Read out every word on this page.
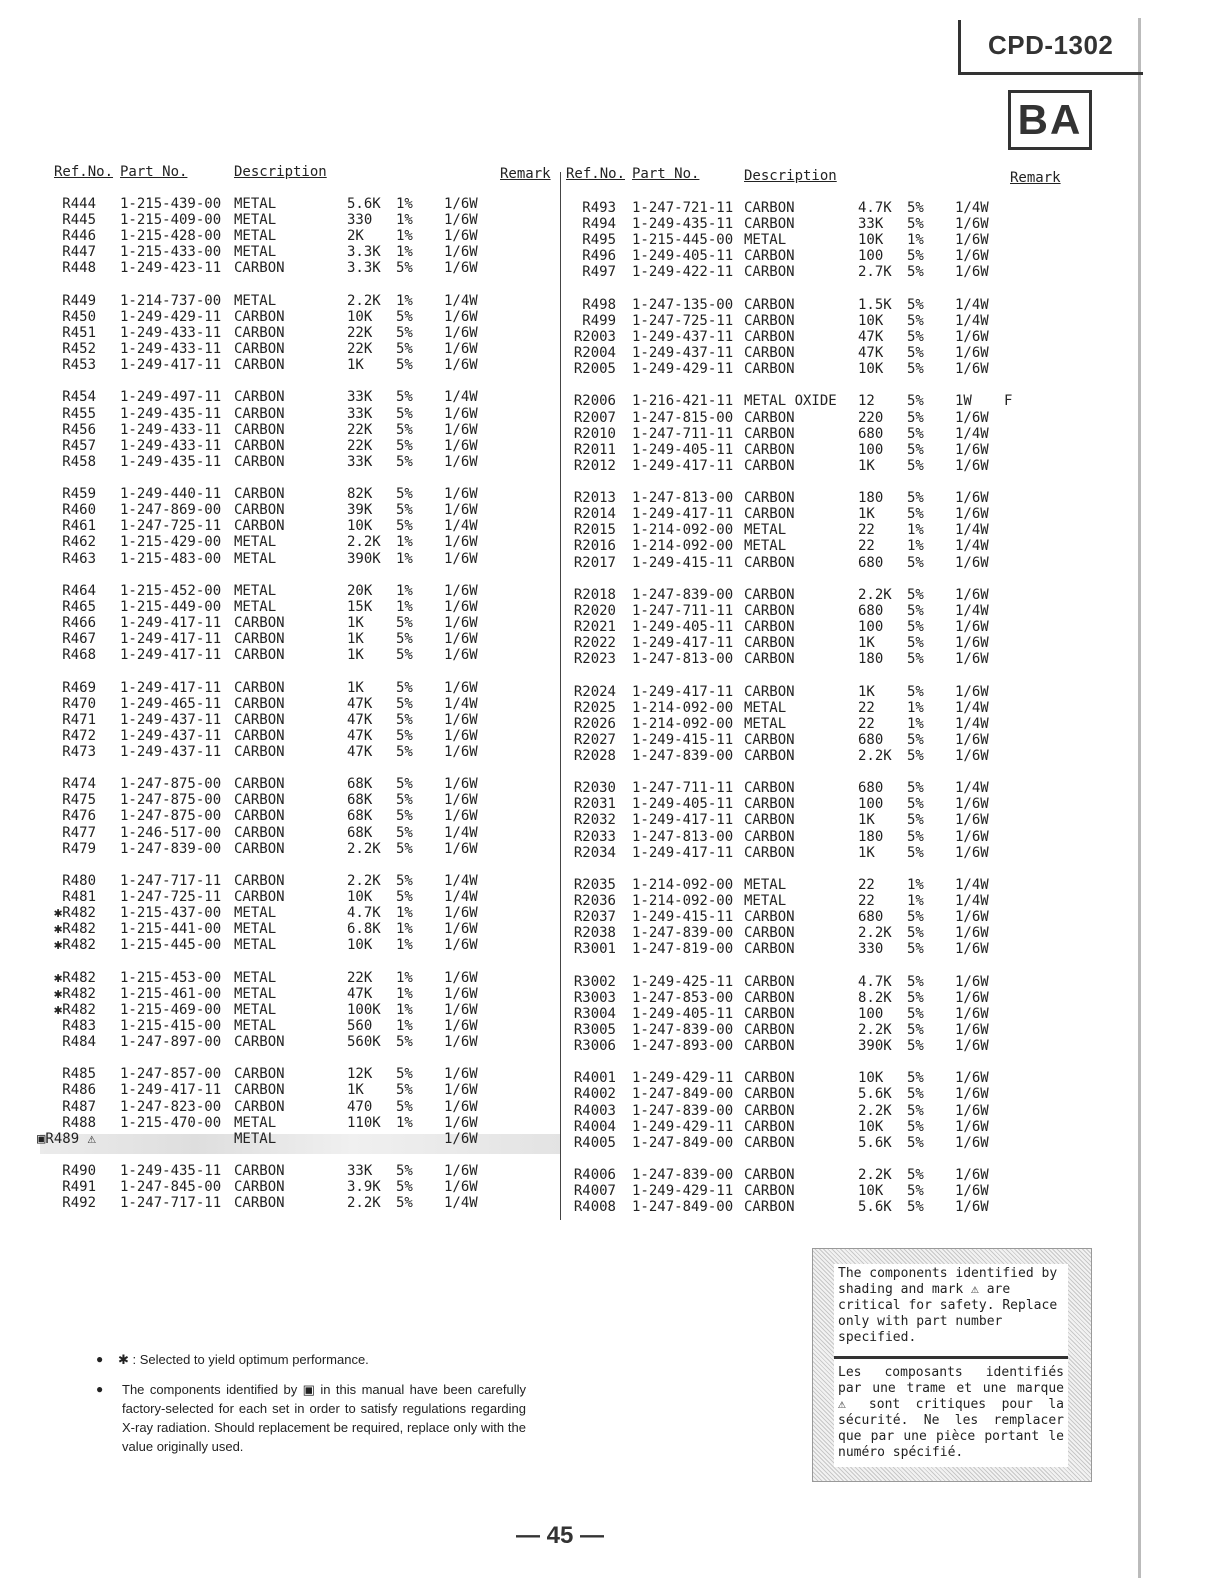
CPD-1302
BA
Ref.No. Part No.	Description	Remark Ref.No. Part No.	Description	Remark
R444 1-215-439-00 METAL	5.6K 1% 1/6W
R445 1-215-409-00 METAL	330 1% 1/6W
R446 1-215-428-00 METAL	2K 1% 1/6W
R447 1-215-433-00 METAL	3.3K 1% 1/6W
R448 1-249-423-11 CARBON	3.3K 5% 1/6W
R449 1-214-737-00 METAL	2.2K 1% 1/4W
R450 1-249-429-11 CARBON	10K 5% 1/6W
R451 1-249-433-11 CARBON	22K 5% 1/6W
R452 1-249-433-11 CARBON	22K 5% 1/6W
R453 1-249-417-11 CARBON	1K 5% 1/6W
R454 1-249-497-11 CARBON	33K 5% 1/4W
R455 1-249-435-11 CARBON	33K 5% 1/6W
R456 1-249-433-11 CARBON	22K 5% 1/6W
R457 1-249-433-11 CARBON	22K 5% 1/6W
R458 1-249-435-11 CARBON	33K 5% 1/6W
R459 1-249-440-11 CARBON	82K 5% 1/6W
R460 1-247-869-00 CARBON	39K 5% 1/6W
R461 1-247-725-11 CARBON	10K 5% 1/4W
R462 1-215-429-00 METAL	2.2K 1% 1/6W
R463 1-215-483-00 METAL	390K 1% 1/6W
R464 1-215-452-00 METAL	20K 1% 1/6W
R465 1-215-449-00 METAL	15K 1% 1/6W
R466 1-249-417-11 CARBON	1K 5% 1/6W
R467 1-249-417-11 CARBON	1K 5% 1/6W
R468 1-249-417-11 CARBON	1K 5% 1/6W
R469 1-249-417-11 CARBON	1K 5% 1/6W
R470 1-249-465-11 CARBON	47K 5% 1/4W
R471 1-249-437-11 CARBON	47K 5% 1/6W
R472 1-249-437-11 CARBON	47K 5% 1/6W
R473 1-249-437-11 CARBON	47K 5% 1/6W
R474 1-247-875-00 CARBON	68K 5% 1/6W
R475 1-247-875-00 CARBON	68K 5% 1/6W
R476 1-247-875-00 CARBON	68K 5% 1/6W
R477 1-246-517-00 CARBON	68K 5% 1/4W
R479 1-247-839-00 CARBON	2.2K 5% 1/6W
R480 1-247-717-11 CARBON	2.2K 5% 1/4W
R481 1-247-725-11 CARBON	10K 5% 1/4W
✱R482 1-215-437-00 METAL	4.7K 1% 1/6W
✱R482 1-215-441-00 METAL	6.8K 1% 1/6W
✱R482 1-215-445-00 METAL	10K 1% 1/6W
✱R482 1-215-453-00 METAL	22K 1% 1/6W
✱R482 1-215-461-00 METAL	47K 1% 1/6W
✱R482 1-215-469-00 METAL	100K 1% 1/6W
R483 1-215-415-00 METAL	560 1% 1/6W
R484 1-247-897-00 CARBON	560K 5% 1/6W
R485 1-247-857-00 CARBON	12K 5% 1/6W
R486 1-249-417-11 CARBON	1K 5% 1/6W
R487 1-247-823-00 CARBON	470 5% 1/6W
R488 1-215-470-00 METAL	110K 1% 1/6W
▣R489 ⚠	METAL	1/6W
R490 1-249-435-11 CARBON	33K 5% 1/6W
R491 1-247-845-00 CARBON	3.9K 5% 1/6W
R492 1-247-717-11 CARBON	2.2K 5% 1/4W
R493 1-247-721-11 CARBON	4.7K 5% 1/4W
R494 1-249-435-11 CARBON	33K 5% 1/6W
R495 1-215-445-00 METAL	10K 1% 1/6W
R496 1-249-405-11 CARBON	100 5% 1/6W
R497 1-249-422-11 CARBON	2.7K 5% 1/6W
R498 1-247-135-00 CARBON	1.5K 5% 1/4W
R499 1-247-725-11 CARBON	10K 5% 1/4W
R2003 1-249-437-11 CARBON	47K 5% 1/6W
R2004 1-249-437-11 CARBON	47K 5% 1/6W
R2005 1-249-429-11 CARBON	10K 5% 1/6W
R2006 1-216-421-11 METAL OXIDE 12 5% 1W F
R2007 1-247-815-00 CARBON	220 5% 1/6W
R2010 1-247-711-11 CARBON	680 5% 1/4W
R2011 1-249-405-11 CARBON	100 5% 1/6W
R2012 1-249-417-11 CARBON	1K 5% 1/6W
R2013 1-247-813-00 CARBON	180 5% 1/6W
R2014 1-249-417-11 CARBON	1K 5% 1/6W
R2015 1-214-092-00 METAL	22 1% 1/4W
R2016 1-214-092-00 METAL	22 1% 1/4W
R2017 1-249-415-11 CARBON	680 5% 1/6W
R2018 1-247-839-00 CARBON	2.2K 5% 1/6W
R2020 1-247-711-11 CARBON	680 5% 1/4W
R2021 1-249-405-11 CARBON	100 5% 1/6W
R2022 1-249-417-11 CARBON	1K 5% 1/6W
R2023 1-247-813-00 CARBON	180 5% 1/6W
R2024 1-249-417-11 CARBON	1K 5% 1/6W
R2025 1-214-092-00 METAL	22 1% 1/4W
R2026 1-214-092-00 METAL	22 1% 1/4W
R2027 1-249-415-11 CARBON	680 5% 1/6W
R2028 1-247-839-00 CARBON	2.2K 5% 1/6W
R2030 1-247-711-11 CARBON	680 5% 1/4W
R2031 1-249-405-11 CARBON	100 5% 1/6W
R2032 1-249-417-11 CARBON	1K 5% 1/6W
R2033 1-247-813-00 CARBON	180 5% 1/6W
R2034 1-249-417-11 CARBON	1K 5% 1/6W
R2035 1-214-092-00 METAL	22 1% 1/4W
R2036 1-214-092-00 METAL	22 1% 1/4W
R2037 1-249-415-11 CARBON	680 5% 1/6W
R2038 1-247-839-00 CARBON	2.2K 5% 1/6W
R3001 1-247-819-00 CARBON	330 5% 1/6W
R3002 1-249-425-11 CARBON	4.7K 5% 1/6W
R3003 1-247-853-00 CARBON	8.2K 5% 1/6W
R3004 1-249-405-11 CARBON	100 5% 1/6W
R3005 1-247-839-00 CARBON	2.2K 5% 1/6W
R3006 1-247-893-00 CARBON	390K 5% 1/6W
R4001 1-249-429-11 CARBON	10K 5% 1/6W
R4002 1-247-849-00 CARBON	5.6K 5% 1/6W
R4003 1-247-839-00 CARBON	2.2K 5% 1/6W
R4004 1-249-429-11 CARBON	10K 5% 1/6W
R4005 1-247-849-00 CARBON	5.6K 5% 1/6W
R4006 1-247-839-00 CARBON	2.2K 5% 1/6W
R4007 1-249-429-11 CARBON	10K 5% 1/6W
R4008 1-247-849-00 CARBON	5.6K 5% 1/6W
The components identified by shading and mark ⚠ are critical for safety. Replace only with part number specified.
Les composants identifiés par une trame et une marque ⚠ sont critiques pour la sécurité. Ne les remplacer que par une pièce portant le numéro spécifié.
●	✱ : Selected to yield optimum performance.
●	The components identified by ▣ in this manual have been carefully factory-selected for each set in order to satisfy regulations regarding X-ray radiation. Should replacement be required, replace only with the value originally used.
— 45 —
